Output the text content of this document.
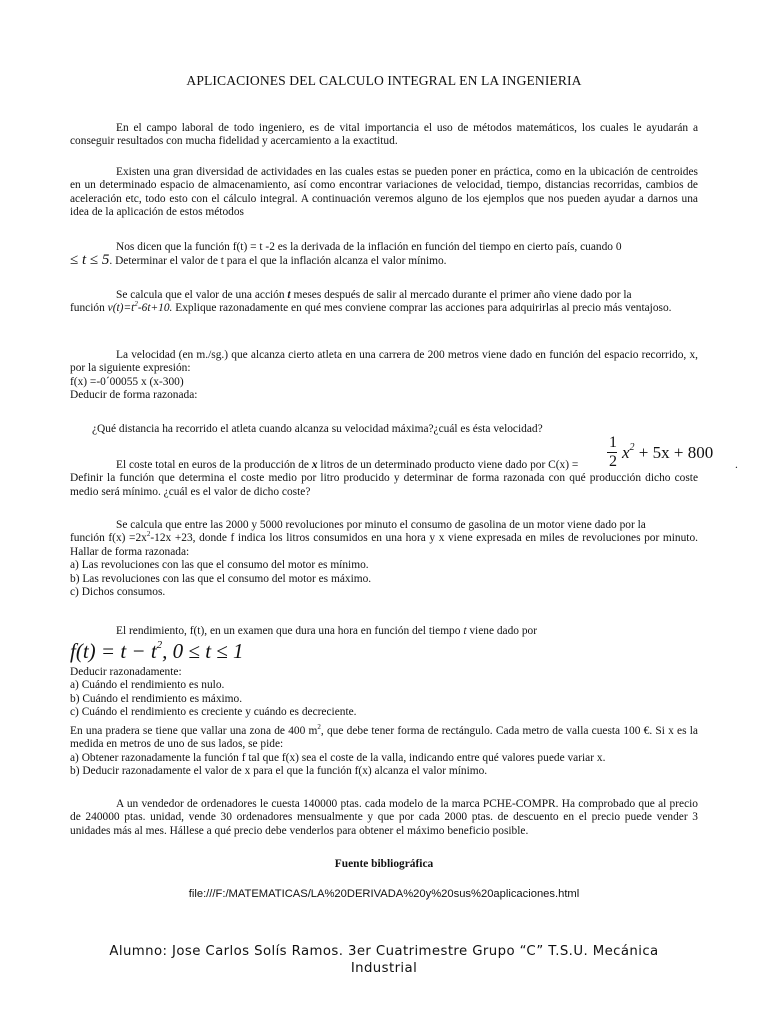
APLICACIONES DEL CALCULO INTEGRAL EN LA INGENIERIA
En el campo laboral de todo ingeniero, es de vital importancia el uso de métodos matemáticos, los cuales le ayudarán a conseguir resultados con mucha fidelidad y acercamiento a la exactitud.
Existen una gran diversidad de actividades en las cuales estas se pueden poner en práctica, como en la ubicación de centroides en un determinado espacio de almacenamiento, así como encontrar variaciones de velocidad, tiempo, distancias recorridas, cambios de aceleración etc, todo esto con el cálculo integral. A continuación veremos alguno de los ejemplos que nos pueden ayudar a darnos una idea de la aplicación de estos métodos
Nos dicen que la función f(t) = t -2 es la derivada de la inflación en función del tiempo en cierto país, cuando 0
≤ t ≤ 5. Determinar el valor de t para el que la inflación alcanza el valor mínimo.
Se calcula que el valor de una acción t meses después de salir al mercado durante el primer año viene dado por la
función $v(t)=t^2-6t+10$. Explique razonadamente en qué mes conviene comprar las acciones para adquirirlas al precio más ventajoso.
La velocidad (en m./sg.) que alcanza cierto atleta en una carrera de 200 metros viene dado en función del espacio recorrido, x, por la siguiente expresión:
f(x) =-0´00055 x (x-300)
Deducir de forma razonada:
¿Qué distancia ha recorrido el atleta cuando alcanza su velocidad máxima?¿cuál es ésta velocidad?
1
2 $x^2 + 5x + 800$
El coste total en euros de la producción de x litros de un determinado producto viene dado por C(x) =	.
Definir la función que determina el coste medio por litro producido y determinar de forma razonada con qué producción dicho coste medio será mínimo. ¿cuál es el valor de dicho coste?
Se calcula que entre las 2000 y 5000 revoluciones por minuto el consumo de gasolina de un motor viene dado por la
función $f(x) =2x^2-12x +23$, donde f indica los litros consumidos en una hora y x viene expresada en miles de revoluciones por minuto. Hallar de forma razonada:
a) Las revoluciones con las que el consumo del motor es mínimo.
b) Las revoluciones con las que el consumo del motor es máximo.
c) Dichos consumos.
El rendimiento, f(t), en un examen que dura una hora en función del tiempo t viene dado por
$f(t) = t - t^2$, 0 ≤ t ≤ 1
Deducir razonadamente:
a) Cuándo el rendimiento es nulo.
b) Cuándo el rendimiento es máximo.
c) Cuándo el rendimiento es creciente y cuándo es decreciente.
En una pradera se tiene que vallar una zona de 400 $m^2$, que debe tener forma de rectángulo. Cada metro de valla cuesta 100 €. Si x es la medida en metros de uno de sus lados, se pide:
a) Obtener razonadamente la función f tal que f(x) sea el coste de la valla, indicando entre qué valores puede variar x.
b) Deducir razonadamente el valor de x para el que la función f(x) alcanza el valor mínimo.
A un vendedor de ordenadores le cuesta 140000 ptas. cada modelo de la marca PCHE-COMPR. Ha comprobado que al precio de 240000 ptas. unidad, vende 30 ordenadores mensualmente y que por cada 2000 ptas. de descuento en el precio puede vender 3 unidades más al mes. Hállese a qué precio debe venderlos para obtener el máximo beneficio posible.
Fuente bibliográfica
file:///F:/MATEMATICAS/LA%20DERIVADA%20y%20sus%20aplicaciones.html
Alumno: Jose Carlos Solís Ramos. 3er Cuatrimestre Grupo “C” T.S.U. Mecánica
Industrial
